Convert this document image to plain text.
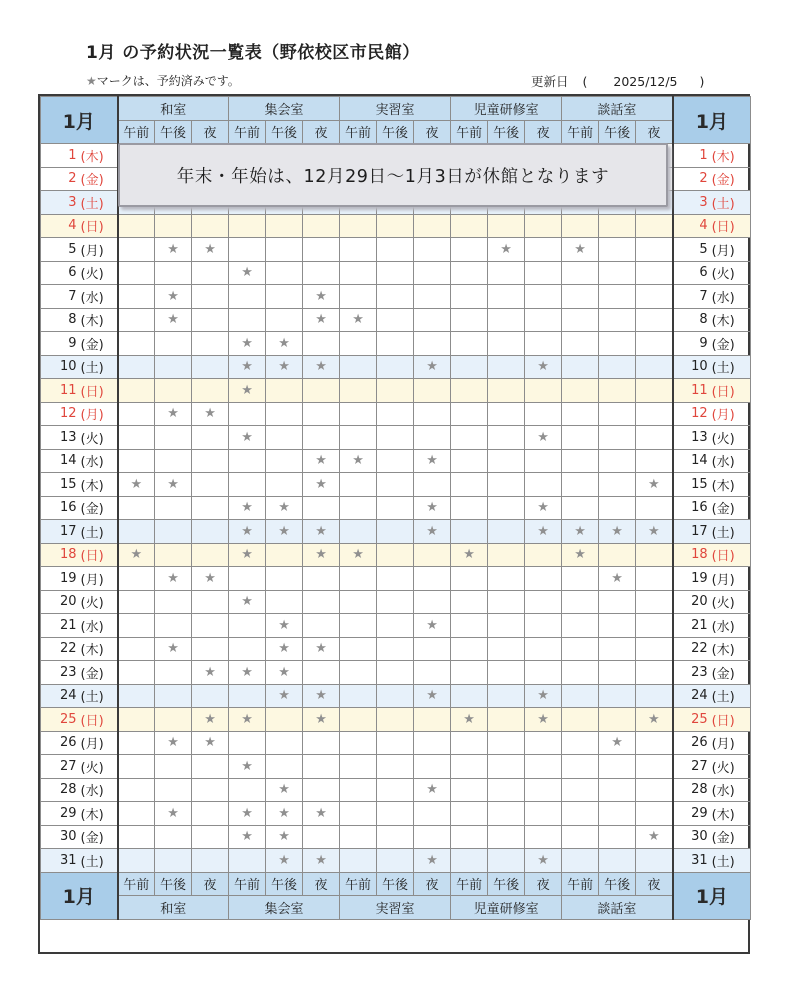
1月 の予約状況一覧表（野依校区市民館）
★マークは、予約済みです。	更新日 ( 2025/12/5 )
1月		和室			集会室			実習室			児童研修室			談話室			1月	
		午前	午後	夜	午前	午後	夜	午前	午後	夜	午前	午後	夜	午前	午後	夜		
1	(木)																1	(木)
2	(金)																2	(金)
3	(土)																3	(土)
4	(日)																4	(日)
5	(月)		★	★								★		★			5	(月)
6	(火)				★												6	(火)
7	(水)		★				★										7	(水)
8	(木)		★				★	★									8	(木)
9	(金)				★	★											9	(金)
10	(土)				★	★	★			★			★				10	(土)
11	(日)				★												11	(日)
12	(月)		★	★													12	(月)
13	(火)				★								★				13	(火)
14	(水)						★	★		★							14	(水)
15	(木)	★	★				★									★	15	(木)
16	(金)				★	★				★			★				16	(金)
17	(土)				★	★	★			★			★	★	★	★	17	(土)
18	(日)	★			★		★	★			★			★			18	(日)
19	(月)		★	★											★		19	(月)
20	(火)				★												20	(火)
21	(水)					★				★							21	(水)
22	(木)		★			★	★										22	(木)
23	(金)			★	★	★											23	(金)
24	(土)					★	★			★			★				24	(土)
25	(日)			★	★		★				★		★			★	25	(日)
26	(月)		★	★											★		26	(月)
27	(火)				★												27	(火)
28	(水)					★				★							28	(水)
29	(木)		★		★	★	★										29	(木)
30	(金)				★	★										★	30	(金)
31	(土)					★	★			★			★				31	(土)
1月		午前	午後	夜	午前	午後	夜	午前	午後	夜	午前	午後	夜	午前	午後	夜	1月	
		和室			集会室			実習室			児童研修室			談話室				
年末・年始は、12月29日～1月3日が休館となります
